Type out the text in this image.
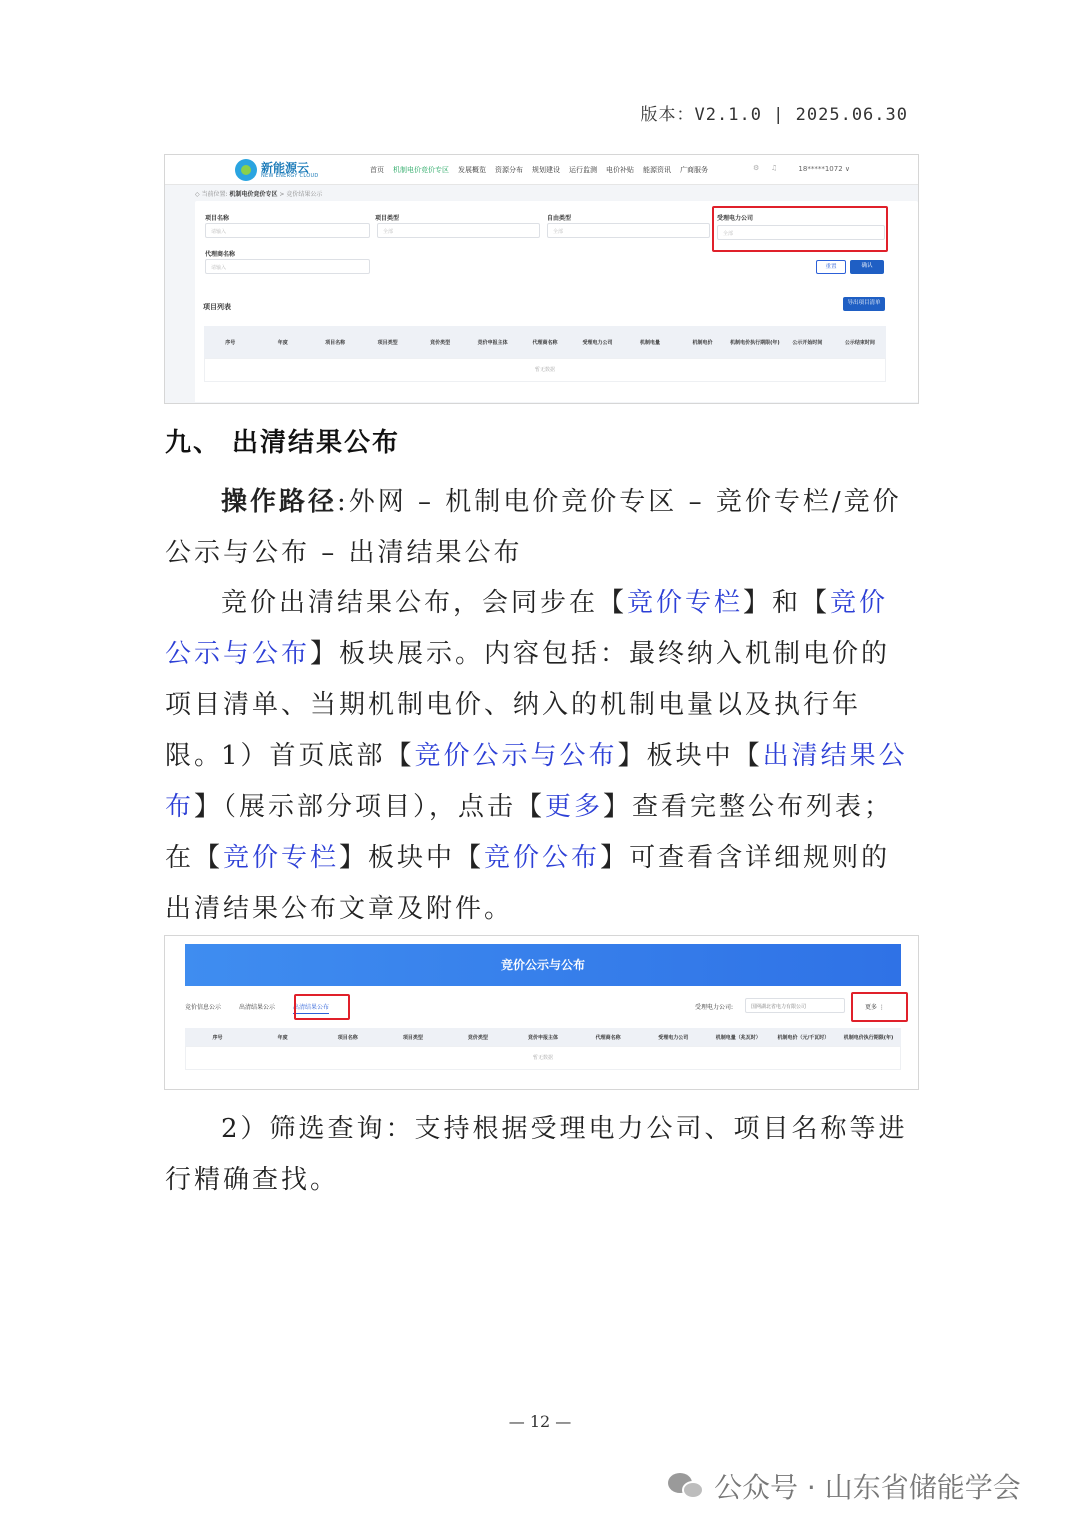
版本：V2.1.0 | 2025.06.30
新能源云
NEW ENERGY CLOUD
首页 机制电价竞价专区 发展概览 资源分布 规划建设 运行监测 电价补贴 能源资讯 广商服务	⚙ ♫	18*****1072 ∨
◇ 当前位置: 机制电价竞价专区 > 竞价结果公示
项目名称
请输入
项目类型
全部
自由类型
全部
受理电力公司
全部
代理商名称
请输入	重置	确认
项目列表	导出项目清单
序号	年度	项目名称	项目类型	竞价类型	竞价申报主体	代理商名称	受理电力公司	机制电量	机制电价	机制电价执行期限(年)	公示开始时间	公示结束时间
暂无数据
九、 出清结果公布
操作路径:外网 – 机制电价竞价专区 – 竞价专栏/竞价公示与公布 – 出清结果公布
竞价出清结果公布，会同步在【竞价专栏】和【竞价公示与公布】板块展示。内容包括：最终纳入机制电价的项目清单、当期机制电价、纳入的机制电量以及执行年限。
1）首页底部【竞价公示与公布】板块中【出清结果公布】（展示部分项目），点击【更多】查看完整公布列表；在【竞价专栏】板块中【竞价公布】可查看含详细规则的出清结果公布文章及附件。
竞价公示与公布
竞价信息公示	出清结果公示	出清结果公布	受理电力公司:	国网湖北省电力有限公司	更多 ⋮
序号	年度	项目名称	项目类型	竞价类型	竞价申报主体	代理商名称	受理电力公司	机制电量（兆瓦时）	机制电价（元/千瓦时）	机制电价执行期限(年)
暂无数据
2）筛选查询：支持根据受理电力公司、项目名称等进行精确查找。
— 12 —
公众号 · 山东省储能学会
